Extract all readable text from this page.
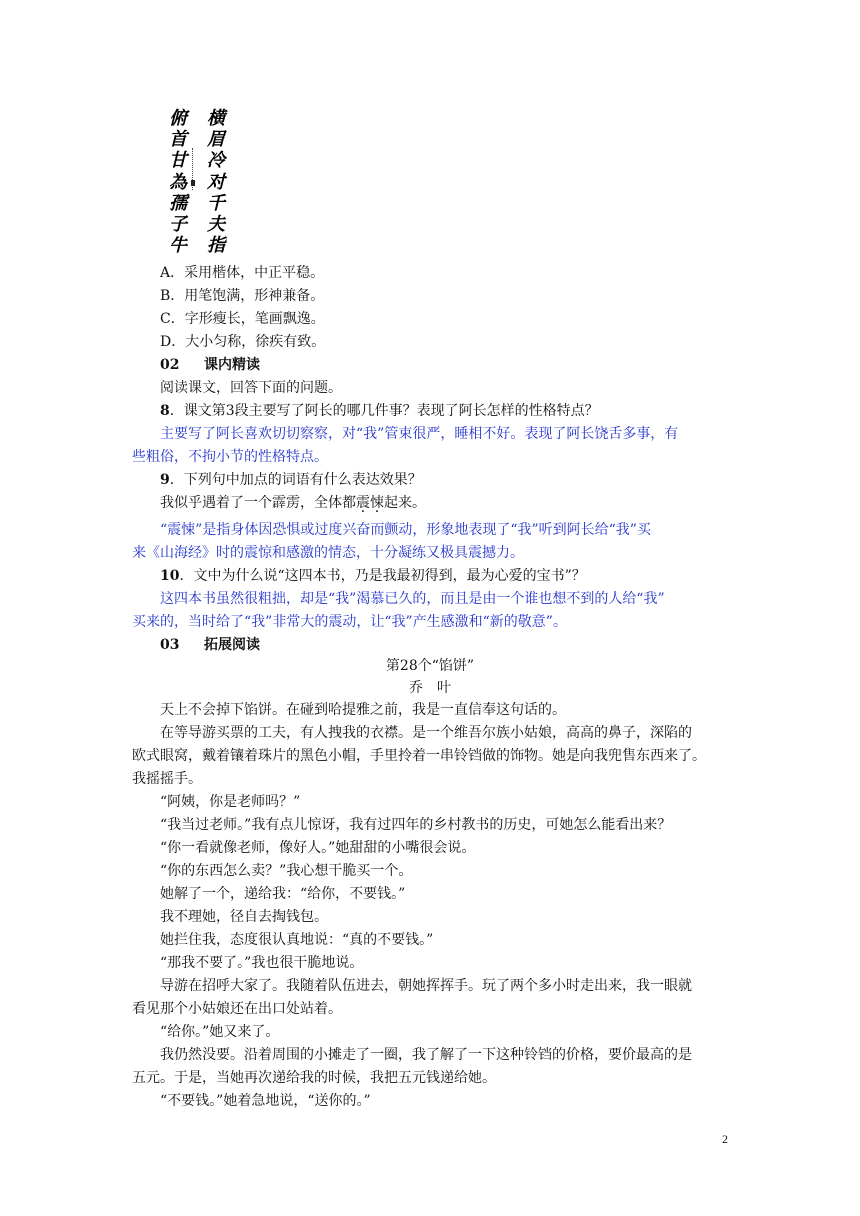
横
眉
冷
对
千
夫
指
俯
首
甘
為
孺
子
牛
A．采用楷体，中正平稳。
B．用笔饱满，形神兼备。
C．字形瘦长，笔画飘逸。
D．大小匀称，徐疾有致。
02 课内精读
阅读课文，回答下面的问题。
8．课文第3段主要写了阿长的哪几件事？表现了阿长怎样的性格特点？
主要写了阿长喜欢切切察察，对“我”管束很严，睡相不好。表现了阿长饶舌多事，有
些粗俗，不拘小节的性格特点。
9．下列句中加点的词语有什么表达效果？
我似乎遇着了一个霹雳，全体都震悚起来。
“震悚”是指身体因恐惧或过度兴奋而颤动，形象地表现了“我”听到阿长给“我”买
来《山海经》时的震惊和感激的情态，十分凝练又极具震撼力。
10．文中为什么说“这四本书，乃是我最初得到，最为心爱的宝书”？
这四本书虽然很粗拙，却是“我”渴慕已久的，而且是由一个谁也想不到的人给“我”
买来的，当时给了“我”非常大的震动，让“我”产生感激和“新的敬意”。
03 拓展阅读
第28个“馅饼”
乔　叶
天上不会掉下馅饼。在碰到哈提雅之前，我是一直信奉这句话的。
在等导游买票的工夫，有人拽我的衣襟。是一个维吾尔族小姑娘，高高的鼻子，深陷的
欧式眼窝，戴着镶着珠片的黑色小帽，手里拎着一串铃铛做的饰物。她是向我兜售东西来了。
我摇摇手。
“阿姨，你是老师吗？”
“我当过老师。”我有点儿惊讶，我有过四年的乡村教书的历史，可她怎么能看出来？
“你一看就像老师，像好人。”她甜甜的小嘴很会说。
“你的东西怎么卖？”我心想干脆买一个。
她解了一个，递给我：“给你，不要钱。”
我不理她，径自去掏钱包。
她拦住我，态度很认真地说：“真的不要钱。”
“那我不要了。”我也很干脆地说。
导游在招呼大家了。我随着队伍进去，朝她挥挥手。玩了两个多小时走出来，我一眼就
看见那个小姑娘还在出口处站着。
“给你。”她又来了。
我仍然没要。沿着周围的小摊走了一圈，我了解了一下这种铃铛的价格，要价最高的是
五元。于是，当她再次递给我的时候，我把五元钱递给她。
“不要钱。”她着急地说，“送你的。”
2
